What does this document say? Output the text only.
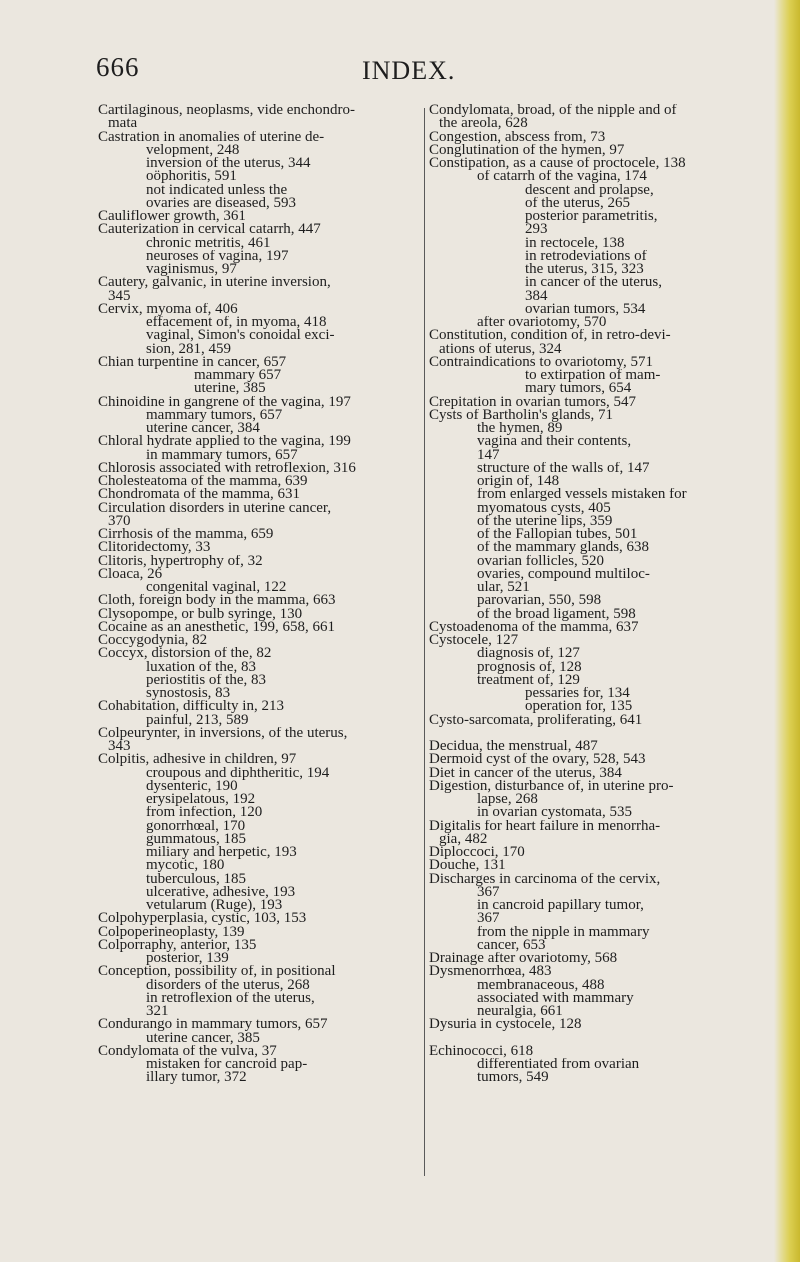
666	INDEX.
Cartilaginous, neoplasms, vide enchondro-
mata
Castration in anomalies of uterine de-
velopment, 248
inversion of the uterus, 344
oöphoritis, 591
not indicated unless the
ovaries are diseased, 593
Cauliflower growth, 361
Cauterization in cervical catarrh, 447
chronic metritis, 461
neuroses of vagina, 197
vaginismus, 97
Cautery, galvanic, in uterine inversion,
345
Cervix, myoma of, 406
effacement of, in myoma, 418
vaginal, Simon's conoidal exci-
sion, 281, 459
Chian turpentine in cancer, 657
mammary 657
uterine, 385
Chinoidine in gangrene of the vagina, 197
mammary tumors, 657
uterine cancer, 384
Chloral hydrate applied to the vagina, 199
in mammary tumors, 657
Chlorosis associated with retroflexion, 316
Cholesteatoma of the mamma, 639
Chondromata of the mamma, 631
Circulation disorders in uterine cancer,
370
Cirrhosis of the mamma, 659
Clitoridectomy, 33
Clitoris, hypertrophy of, 32
Cloaca, 26
congenital vaginal, 122
Cloth, foreign body in the mamma, 663
Clysopompe, or bulb syringe, 130
Cocaine as an anesthetic, 199, 658, 661
Coccygodynia, 82
Coccyx, distorsion of the, 82
luxation of the, 83
periostitis of the, 83
synostosis, 83
Cohabitation, difficulty in, 213
painful, 213, 589
Colpeurynter, in inversions, of the uterus,
343
Colpitis, adhesive in children, 97
croupous and diphtheritic, 194
dysenteric, 190
erysipelatous, 192
from infection, 120
gonorrhœal, 170
gummatous, 185
miliary and herpetic, 193
mycotic, 180
tuberculous, 185
ulcerative, adhesive, 193
vetularum (Ruge), 193
Colpohyperplasia, cystic, 103, 153
Colpoperineoplasty, 139
Colporraphy, anterior, 135
posterior, 139
Conception, possibility of, in positional
disorders of the uterus, 268
in retroflexion of the uterus,
321
Condurango in mammary tumors, 657
uterine cancer, 385
Condylomata of the vulva, 37
mistaken for cancroid pap-
illary tumor, 372
Condylomata, broad, of the nipple and of
the areola, 628
Congestion, abscess from, 73
Conglutination of the hymen, 97
Constipation, as a cause of proctocele, 138
of catarrh of the vagina, 174
descent and prolapse,
of the uterus, 265
posterior parametritis,
293
in rectocele, 138
in retrodeviations of
the uterus, 315, 323
in cancer of the uterus,
384
ovarian tumors, 534
after ovariotomy, 570
Constitution, condition of, in retro-devi-
ations of uterus, 324
Contraindications to ovariotomy, 571
to extirpation of mam-
mary tumors, 654
Crepitation in ovarian tumors, 547
Cysts of Bartholin's glands, 71
the hymen, 89
vagina and their contents,
147
structure of the walls of, 147
origin of, 148
from enlarged vessels mistaken for
myomatous cysts, 405
of the uterine lips, 359
of the Fallopian tubes, 501
of the mammary glands, 638
ovarian follicles, 520
ovaries, compound multiloc-
ular, 521
parovarian, 550, 598
of the broad ligament, 598
Cystoadenoma of the mamma, 637
Cystocele, 127
diagnosis of, 127
prognosis of, 128
treatment of, 129
pessaries for, 134
operation for, 135
Cysto-sarcomata, proliferating, 641
Decidua, the menstrual, 487
Dermoid cyst of the ovary, 528, 543
Diet in cancer of the uterus, 384
Digestion, disturbance of, in uterine pro-
lapse, 268
in ovarian cystomata, 535
Digitalis for heart failure in menorrha-
gia, 482
Diploccoci, 170
Douche, 131
Discharges in carcinoma of the cervix,
367
in cancroid papillary tumor,
367
from the nipple in mammary
cancer, 653
Drainage after ovariotomy, 568
Dysmenorrhœa, 483
membranaceous, 488
associated with mammary
neuralgia, 661
Dysuria in cystocele, 128
Echinococci, 618
differentiated from ovarian
tumors, 549
